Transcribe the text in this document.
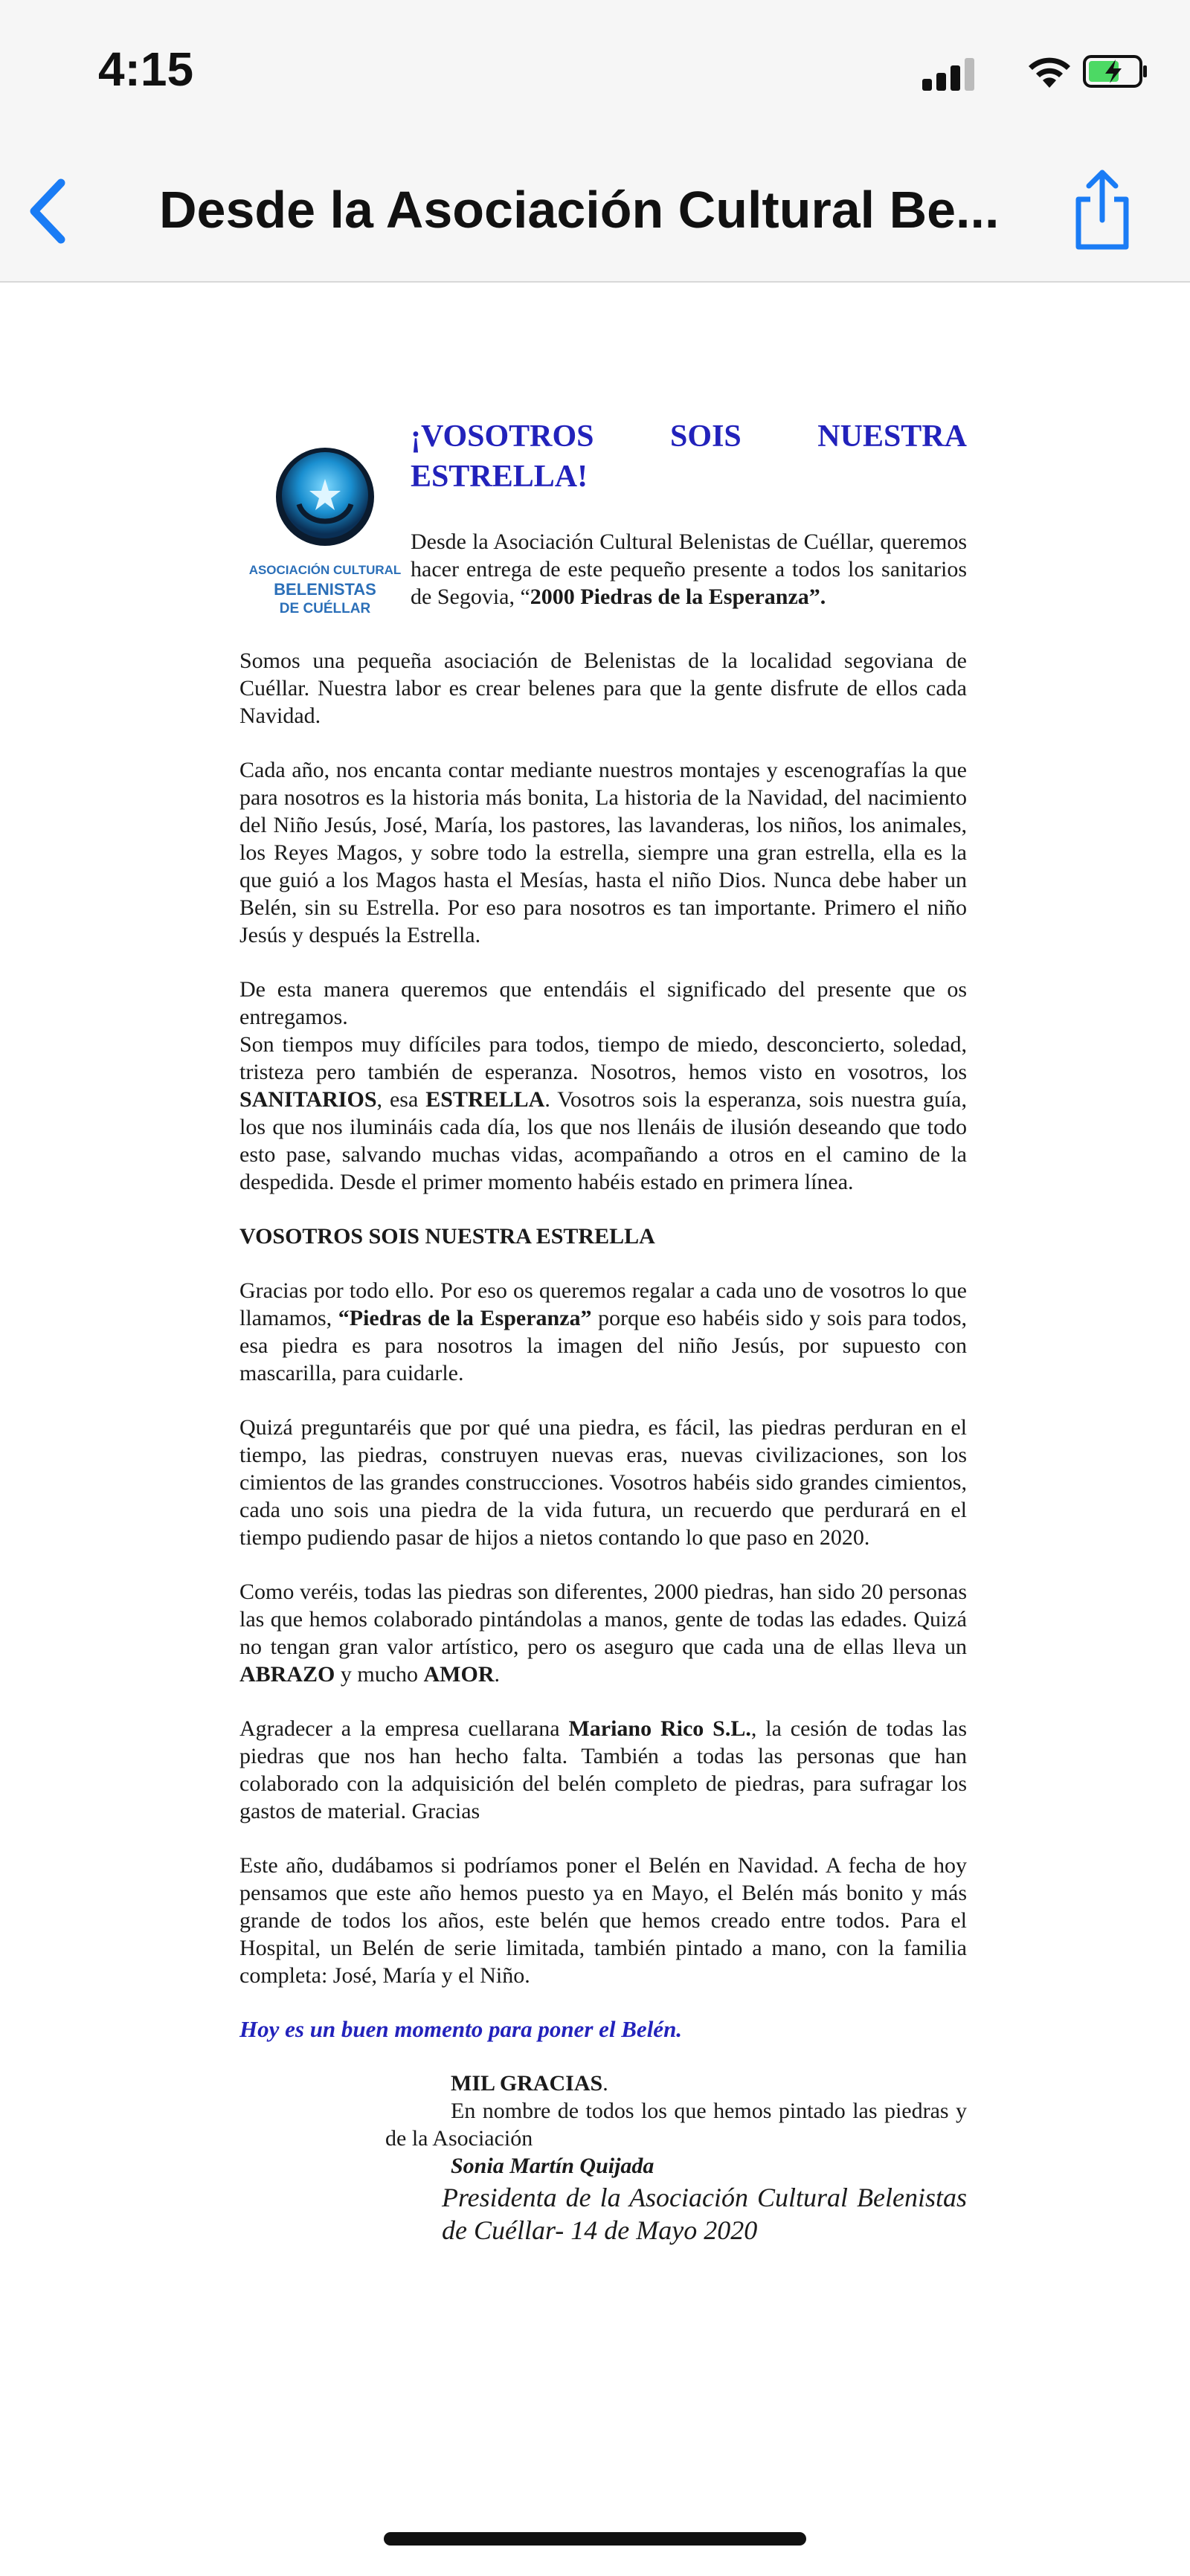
4:15
Desde la Asociación Cultural Be...
ASOCIACIÓN CULTURAL
BELENISTAS
DE CUÉLLAR
¡VOSOTROS SOIS NUESTRA
ESTRELLA!
Desde la Asociación Cultural Belenistas de Cuéllar, queremos hacer entrega de este pequeño presente a todos los sanitarios de Segovia, “2000 Piedras de la Esperanza”.

Somos una pequeña asociación de Belenistas de la localidad segoviana de Cuéllar. Nuestra labor es crear belenes para que la gente disfrute de ellos cada Navidad.

Cada año, nos encanta contar mediante nuestros montajes y escenografías la que para nosotros es la historia más bonita, La historia de la Navidad, del nacimiento del Niño Jesús, José, María, los pastores, las lavanderas, los niños, los animales, los Reyes Magos, y sobre todo la estrella, siempre una gran estrella, ella es la que guió a los Magos hasta el Mesías, hasta el niño Dios. Nunca debe haber un Belén, sin su Estrella. Por eso para nosotros es tan importante. Primero el niño Jesús y después la Estrella.

De esta manera queremos que entendáis el significado del presente que os entregamos.

Son tiempos muy difíciles para todos, tiempo de miedo, desconcierto, soledad, tristeza pero también de esperanza. Nosotros, hemos visto en vosotros, los SANITARIOS, esa ESTRELLA. Vosotros sois la esperanza, sois nuestra guía, los que nos ilumináis cada día, los que nos llenáis de ilusión deseando que todo esto pase, salvando muchas vidas, acompañando a otros en el camino de la despedida. Desde el primer momento habéis estado en primera línea.

VOSOTROS SOIS NUESTRA ESTRELLA

Gracias por todo ello. Por eso os queremos regalar a cada uno de vosotros lo que llamamos, “Piedras de la Esperanza” porque eso habéis sido y sois para todos, esa piedra es para nosotros la imagen del niño Jesús, por supuesto con mascarilla, para cuidarle.

Quizá preguntaréis que por qué una piedra, es fácil, las piedras perduran en el tiempo, las piedras, construyen nuevas eras, nuevas civilizaciones, son los cimientos de las grandes construcciones. Vosotros habéis sido grandes cimientos, cada uno sois una piedra de la vida futura, un recuerdo que perdurará en el tiempo pudiendo pasar de hijos a nietos contando lo que paso en 2020.

Como veréis, todas las piedras son diferentes, 2000 piedras, han sido 20 personas las que hemos colaborado pintándolas a manos, gente de todas las edades. Quizá no tengan gran valor artístico, pero os aseguro que cada una de ellas lleva un ABRAZO y mucho AMOR.

Agradecer a la empresa cuellarana Mariano Rico S.L., la cesión de todas las piedras que nos han hecho falta. También a todas las personas que han colaborado con la adquisición del belén completo de piedras, para sufragar los gastos de material. Gracias

Este año, dudábamos si podríamos poner el Belén en Navidad. A fecha de hoy pensamos que este año hemos puesto ya en Mayo, el Belén más bonito y más grande de todos los años, este belén que hemos creado entre todos. Para el Hospital, un Belén de serie limitada, también pintado a mano, con la familia completa: José, María y el Niño.

Hoy es un buen momento para poner el Belén.

MIL GRACIAS.
En nombre de todos los que hemos pintado las piedras y de la Asociación
Sonia Martín Quijada
Presidenta de la Asociación Cultural Belenistas de Cuéllar- 14 de Mayo 2020
